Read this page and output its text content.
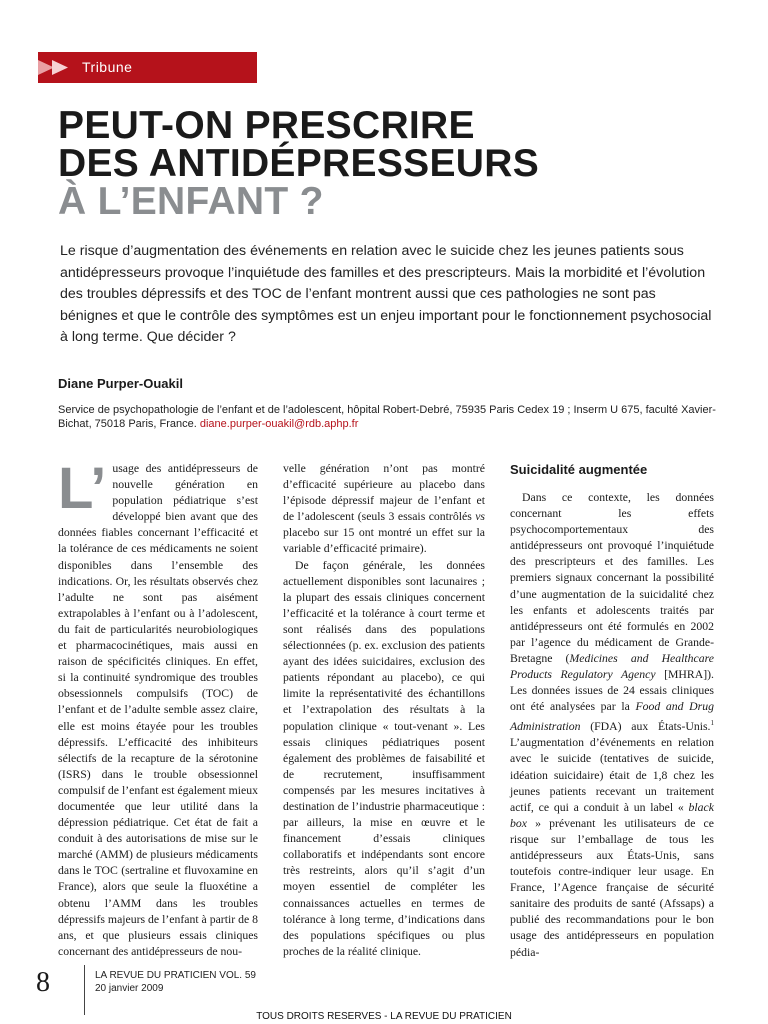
Tribune
PEUT-ON PRESCRIRE
DES ANTIDÉPRESSEURS
À L’ENFANT ?

Le risque d’augmentation des événements en relation avec le suicide chez les jeunes patients sous antidépresseurs provoque l’inquiétude des familles et des prescripteurs. Mais la morbidité et l’évolution des troubles dépressifs et des TOC de l’enfant montrent aussi que ces pathologies ne sont pas bénignes et que le contrôle des symptômes est un enjeu important pour le fonctionnement psychosocial à long terme. Que décider ?

Diane Purper-Ouakil

Service de psychopathologie de l’enfant et de l’adolescent, hôpital Robert-Debré, 75935 Paris Cedex 19 ; Inserm U 675, faculté Xavier-Bichat, 75018 Paris, France. diane.purper-ouakil@rdb.aphp.fr

L’ usage des antidépresseurs de nouvelle génération en population pédiatrique s’est développé bien avant que des données fiables concernant l’efficacité et la tolérance de ces médicaments ne soient disponibles dans l’ensemble des indications. Or, les résultats observés chez l’adulte ne sont pas aisément extrapolables à l’enfant ou à l’adolescent, du fait de particularités neurobiologiques et pharmacocinétiques, mais aussi en raison de spécificités cliniques. En effet, si la continuité syndromique des troubles obsessionnels compulsifs (TOC) de l’enfant et de l’adulte semble assez claire, elle est moins étayée pour les troubles dépressifs. L’efficacité des inhibiteurs sélectifs de la recapture de la sérotonine (ISRS) dans le trouble obsessionnel compulsif de l’enfant est également mieux documentée que leur utilité dans la dépression pédiatrique. Cet état de fait a conduit à des autorisations de mise sur le marché (AMM) de plusieurs médicaments dans le TOC (sertraline et fluvoxamine en France), alors que seule la fluoxétine a obtenu l’AMM dans les troubles dépressifs majeurs de l’enfant à partir de 8 ans, et que plusieurs essais cliniques concernant des antidépresseurs de nou-

velle génération n’ont pas montré d’efficacité supérieure au placebo dans l’épisode dépressif majeur de l’enfant et de l’adolescent (seuls 3 essais contrôlés vs placebo sur 15 ont montré un effet sur la variable d’efficacité primaire).

De façon générale, les données actuellement disponibles sont lacunaires ; la plupart des essais cliniques concernent l’efficacité et la tolérance à court terme et sont réalisés dans des populations sélectionnées (p. ex. exclusion des patients ayant des idées suicidaires, exclusion des patients répondant au placebo), ce qui limite la représentativité des échantillons et l’extrapolation des résultats à la population clinique « tout-venant ». Les essais cliniques pédiatriques posent également des problèmes de faisabilité et de recrutement, insuffisamment compensés par les mesures incitatives à destination de l’industrie pharmaceutique : par ailleurs, la mise en œuvre et le financement d’essais cliniques collaboratifs et indépendants sont encore très restreints, alors qu’il s’agit d’un moyen essentiel de compléter les connaissances actuelles en termes de tolérance à long terme, d’indications dans des populations spécifiques ou plus proches de la réalité clinique.

Suicidalité augmentée

Dans ce contexte, les données concernant les effets psychocomportementaux des antidépresseurs ont provoqué l’inquiétude des prescripteurs et des familles. Les premiers signaux concernant la possibilité d’une augmentation de la suicidalité chez les enfants et adolescents traités par antidépresseurs ont été formulés en 2002 par l’agence du médicament de Grande-Bretagne (Medicines and Healthcare Products Regulatory Agency [MHRA]). Les données issues de 24 essais cliniques ont été analysées par la Food and Drug Administration (FDA) aux États-Unis.$^1$ L’augmentation d’événements en relation avec le suicide (tentatives de suicide, idéation suicidaire) était de 1,8 chez les jeunes patients recevant un traitement actif, ce qui a conduit à un label « black box » prévenant les utilisateurs de ce risque sur l’emballage de tous les antidépresseurs aux États-Unis, sans toutefois contre-indiquer leur usage. En France, l’Agence française de sécurité sanitaire des produits de santé (Afssaps) a publié des recommandations pour le bon usage des antidépresseurs en population pédia-

8	LA REVUE DU PRATICIEN VOL. 59
20 janvier 2009
TOUS DROITS RESERVES - LA REVUE DU PRATICIEN
